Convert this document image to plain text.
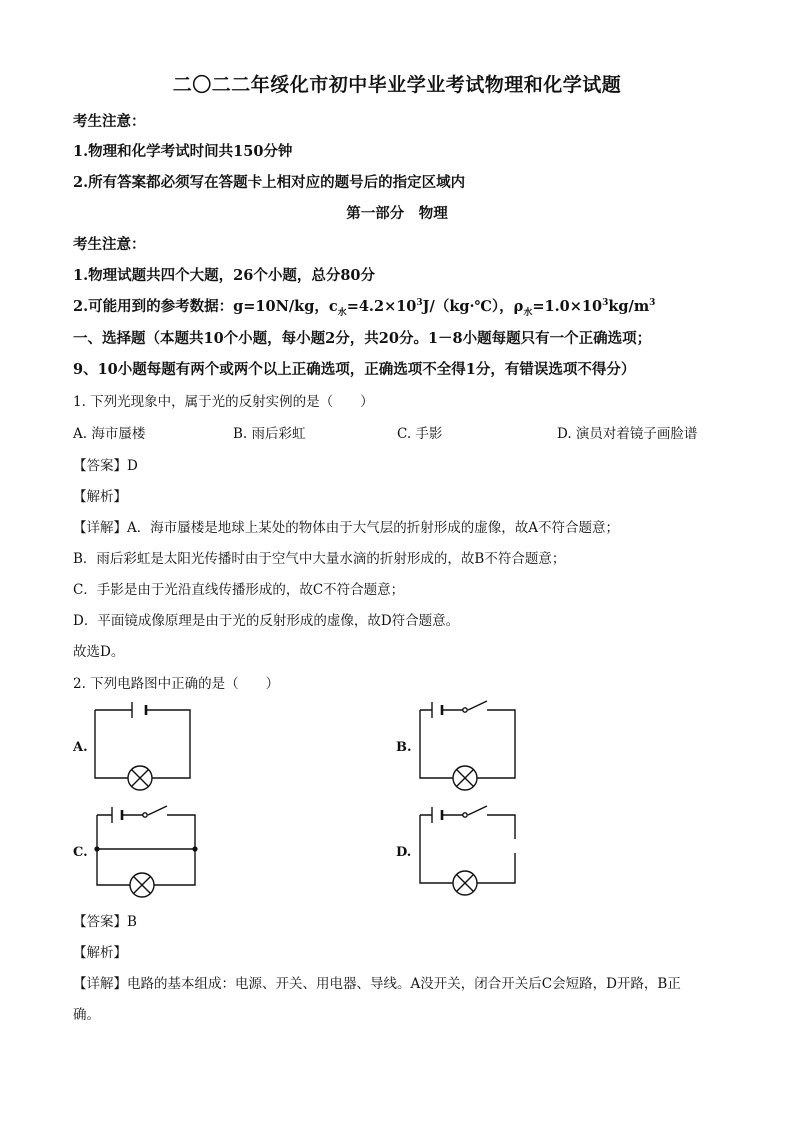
二〇二二年绥化市初中毕业学业考试物理和化学试题
考生注意：
1.物理和化学考试时间共150分钟
2.所有答案都必须写在答题卡上相对应的题号后的指定区域内
第一部分　物理
考生注意：
1.物理试题共四个大题，26个小题，总分80分
2.可能用到的参考数据：g=10N/kg，$c_水=4.2\times 10^3J/(kg\cdot℃)$，$\rho_水=1.0\times 10^3kg/m^3$
一、选择题（本题共10个小题，每小题2分，共20分。1－8小题每题只有一个正确选项；
9、10小题每题有两个或两个以上正确选项，正确选项不全得1分，有错误选项不得分）
1. 下列光现象中，属于光的反射实例的是（　　）
A. 海市蜃楼	B. 雨后彩虹	C. 手影	D. 演员对着镜子画脸谱
【答案】D
【解析】
【详解】A．海市蜃楼是地球上某处的物体由于大气层的折射形成的虚像，故A不符合题意；
B．雨后彩虹是太阳光传播时由于空气中大量水滴的折射形成的，故B不符合题意；
C．手影是由于光沿直线传播形成的，故C不符合题意；
D．平面镜成像原理是由于光的反射形成的虚像，故D符合题意。
故选D。
2. 下列电路图中正确的是（　　）
A.	B.
C.	D.
【答案】B
【解析】
【详解】电路的基本组成：电源、开关、用电器、导线。A没开关，闭合开关后C会短路，D开路，B正
确。
